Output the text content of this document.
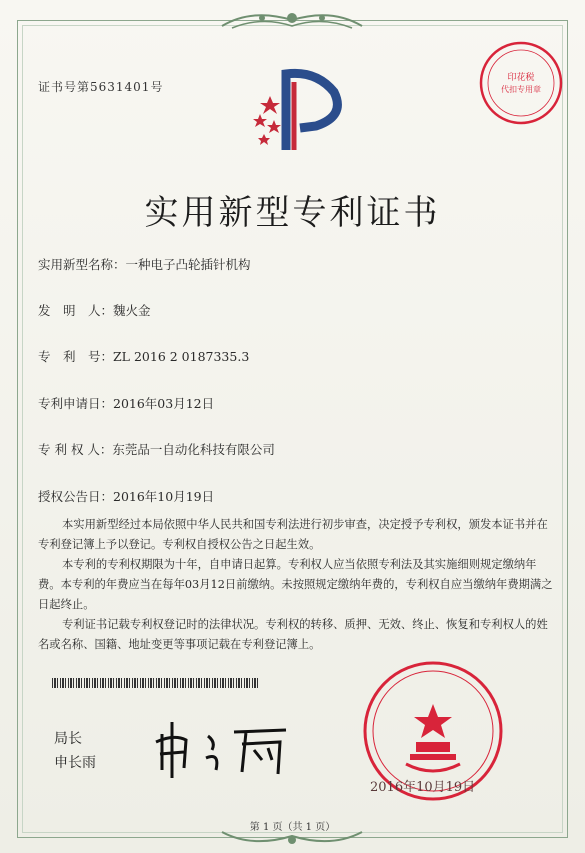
证书号第5631401号
印花税
代扣专用章
实用新型专利证书
实用新型名称：一种电子凸轮插针机构
发　明　人：魏火金
专　利　号：ZL 2016 2 0187335.3
专利申请日：2016年03月12日
专 利 权 人：东莞品一自动化科技有限公司
授权公告日：2016年10月19日
本实用新型经过本局依照中华人民共和国专利法进行初步审查，决定授予专利权，颁发本证书并在专利登记簿上予以登记。专利权自授权公告之日起生效。
本专利的专利权期限为十年，自申请日起算。专利权人应当依照专利法及其实施细则规定缴纳年费。本专利的年费应当在每年03月12日前缴纳。未按照规定缴纳年费的，专利权自应当缴纳年费期满之日起终止。
专利证书记载专利权登记时的法律状况。专利权的转移、质押、无效、终止、恢复和专利权人的姓名或名称、国籍、地址变更等事项记载在专利登记簿上。
局长
申长雨
2016年10月19日
第 1 页（共 1 页）
